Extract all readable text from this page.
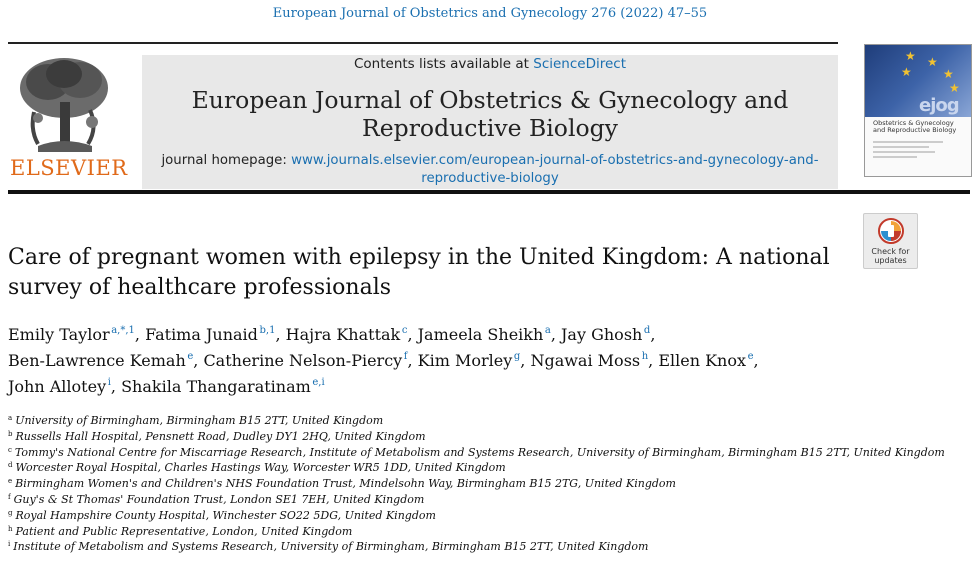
European Journal of Obstetrics and Gynecology 276 (2022) 47–55
ELSEVIER
Contents lists available at ScienceDirect
European Journal of Obstetrics & Gynecology and
Reproductive Biology
journal homepage: www.journals.elsevier.com/european-journal-of-obstetrics-and-gynecology-and-
reproductive-biology
★ ★
★
★
★
ejog
Obstetrics & Gynecology
and Reproductive Biology
Check for
updates
Care of pregnant women with epilepsy in the United Kingdom: A national
survey of healthcare professionals
Emily Taylor  $^{a,*,1}$, Fatima Junaid  $^{b,1}$, Hajra Khattak  $^c$, Jameela Sheikh  $^a$, Jay Ghosh  $^d$,
Ben-Lawrence Kemah  $^e$, Catherine Nelson-Piercy  $^f$, Kim Morley  $^g$, Ngawai Moss  $^h$, Ellen Knox  $^e$,
John Allotey  $^i$, Shakila Thangaratinam  $^{e,i}$
$^a$ University of Birmingham, Birmingham B15 2TT, United Kingdom
$^b$ Russells Hall Hospital, Pensnett Road, Dudley DY1 2HQ, United Kingdom
$^c$ Tommy's National Centre for Miscarriage Research, Institute of Metabolism and Systems Research, University of Birmingham, Birmingham B15 2TT, United Kingdom
$^d$ Worcester Royal Hospital, Charles Hastings Way, Worcester WR5 1DD, United Kingdom
$^e$ Birmingham Women's and Children's NHS Foundation Trust, Mindelsohn Way, Birmingham B15 2TG, United Kingdom
$^f$ Guy's & St Thomas' Foundation Trust, London SE1 7EH, United Kingdom
$^g$ Royal Hampshire County Hospital, Winchester SO22 5DG, United Kingdom
$^h$ Patient and Public Representative, London, United Kingdom
$^i$ Institute of Metabolism and Systems Research, University of Birmingham, Birmingham B15 2TT, United Kingdom
